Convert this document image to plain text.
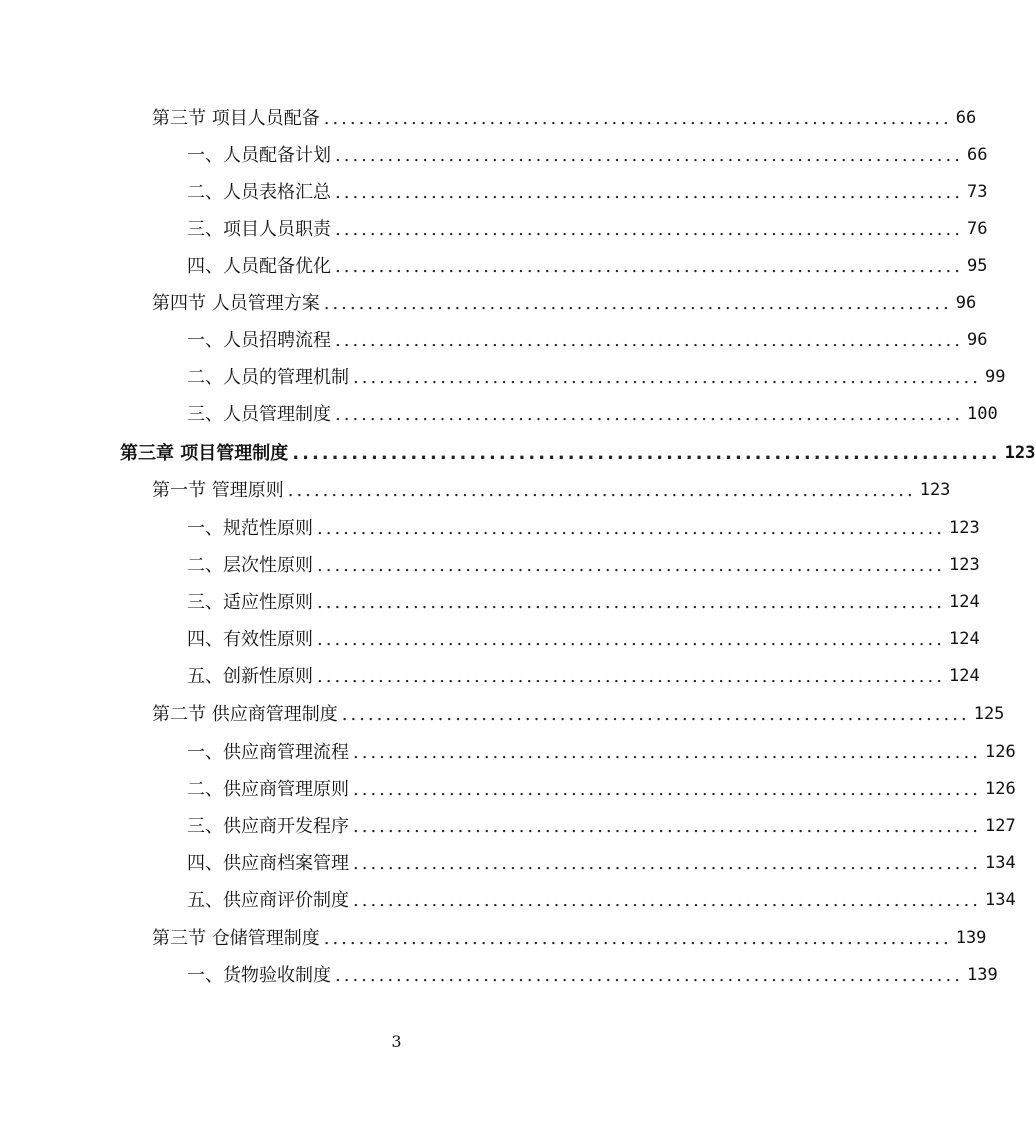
第三节 项目人员配备 ........................................................................ 66
一、人员配备计划 ........................................................................ 66
二、人员表格汇总 ........................................................................ 73
三、项目人员职责 ........................................................................ 76
四、人员配备优化 ........................................................................ 95
第四节 人员管理方案 ........................................................................ 96
一、人员招聘流程 ........................................................................ 96
二、人员的管理机制 ........................................................................ 99
三、人员管理制度 ........................................................................ 100
第三章 项目管理制度 ........................................................................ 123
第一节 管理原则 ........................................................................ 123
一、规范性原则 ........................................................................ 123
二、层次性原则 ........................................................................ 123
三、适应性原则 ........................................................................ 124
四、有效性原则 ........................................................................ 124
五、创新性原则 ........................................................................ 124
第二节 供应商管理制度 ........................................................................ 125
一、供应商管理流程 ........................................................................ 126
二、供应商管理原则 ........................................................................ 126
三、供应商开发程序 ........................................................................ 127
四、供应商档案管理 ........................................................................ 134
五、供应商评价制度 ........................................................................ 134
第三节 仓储管理制度 ........................................................................ 139
一、货物验收制度 ........................................................................ 139
3
